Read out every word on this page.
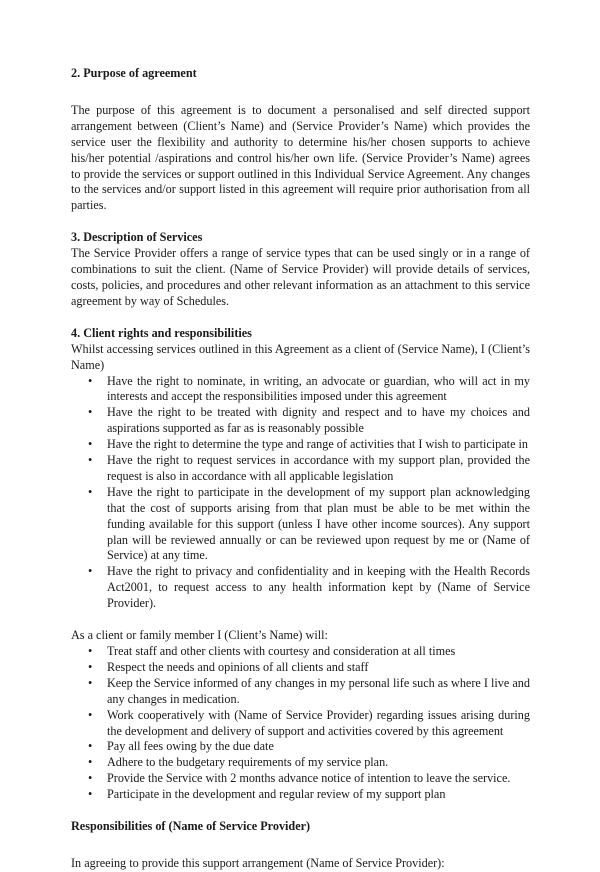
2. Purpose of agreement

The purpose of this agreement is to document a personalised and self directed support arrangement between (Client’s Name) and (Service Provider’s Name) which provides the service user the flexibility and authority to determine his/her chosen supports to achieve his/her potential /aspirations and control his/her own life. (Service Provider’s Name) agrees to provide the services or support outlined in this Individual Service Agreement. Any changes to the services and/or support listed in this agreement will require prior authorisation from all parties.

3. Description of Services

The Service Provider offers a range of service types that can be used singly or in a range of combinations to suit the client. (Name of Service Provider) will provide details of services, costs, policies, and procedures and other relevant information as an attachment to this service agreement by way of Schedules.

4. Client rights and responsibilities

Whilst accessing services outlined in this Agreement as a client of (Service Name), I (Client’s Name)

• Have the right to nominate, in writing, an advocate or guardian, who will act in my interests and accept the responsibilities imposed under this agreement
• Have the right to be treated with dignity and respect and to have my choices and aspirations supported as far as is reasonably possible
• Have the right to determine the type and range of activities that I wish to participate in
• Have the right to request services in accordance with my support plan, provided the request is also in accordance with all applicable legislation
• Have the right to participate in the development of my support plan acknowledging that the cost of supports arising from that plan must be able to be met within the funding available for this support (unless I have other income sources). Any support plan will be reviewed annually or can be reviewed upon request by me or (Name of Service) at any time.
• Have the right to privacy and confidentiality and in keeping with the Health Records Act2001, to request access to any health information kept by (Name of Service Provider).

As a client or family member I (Client’s Name) will:

• Treat staff and other clients with courtesy and consideration at all times
• Respect the needs and opinions of all clients and staff
• Keep the Service informed of any changes in my personal life such as where I live and any changes in medication.
• Work cooperatively with (Name of Service Provider) regarding issues arising during the development and delivery of support and activities covered by this agreement
• Pay all fees owing by the due date
• Adhere to the budgetary requirements of my service plan.
• Provide the Service with 2 months advance notice of intention to leave the service.
• Participate in the development and regular review of my support plan
Responsibilities of (Name of Service Provider)

In agreeing to provide this support arrangement (Name of Service Provider):
